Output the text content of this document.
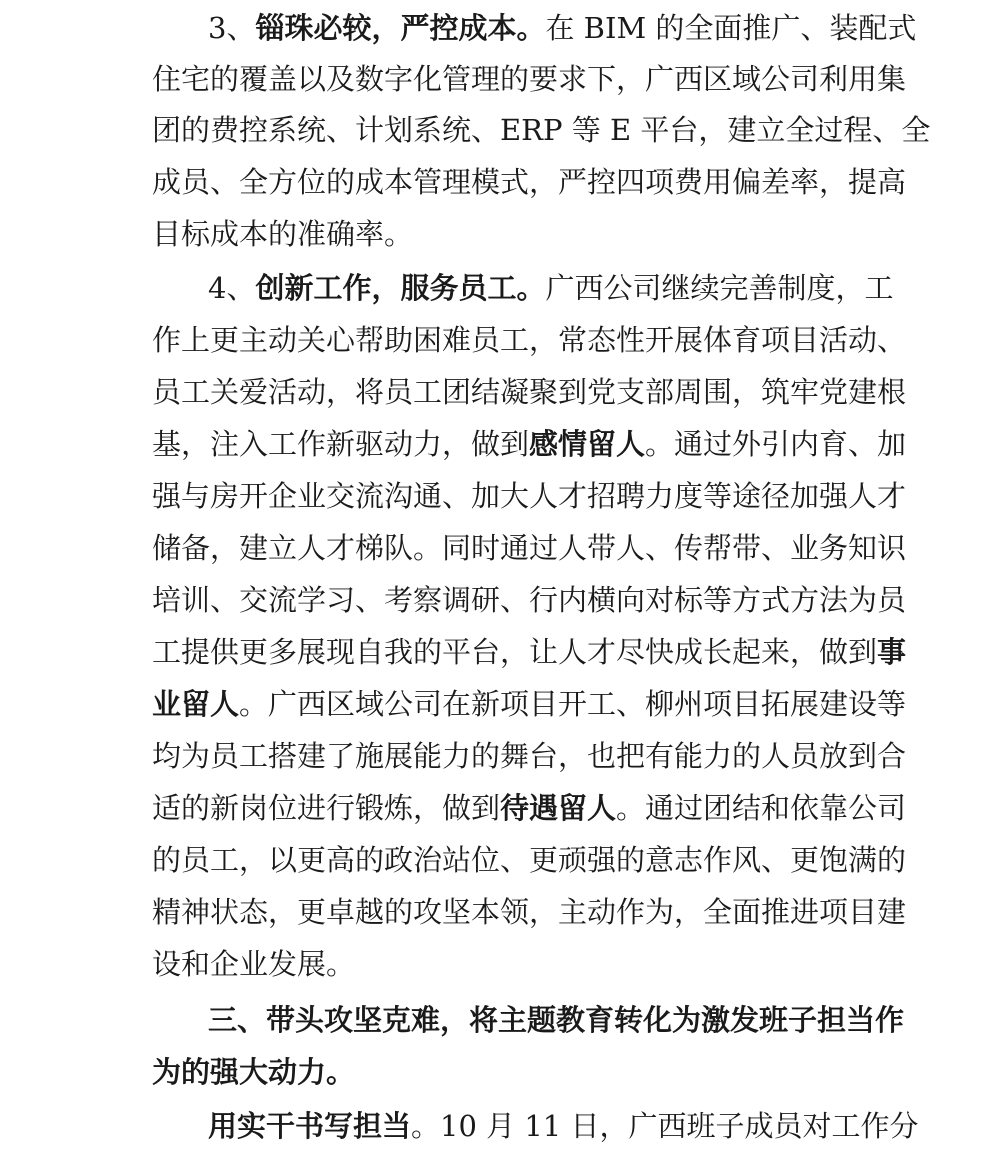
3、锱珠必较，严控成本。在 BIM 的全面推广、装配式
住宅的覆盖以及数字化管理的要求下，广西区域公司利用集
团的费控系统、计划系统、ERP 等 E 平台，建立全过程、全
成员、全方位的成本管理模式，严控四项费用偏差率，提高
目标成本的准确率。
4、创新工作，服务员工。广西公司继续完善制度，工
作上更主动关心帮助困难员工，常态性开展体育项目活动、
员工关爱活动，将员工团结凝聚到党支部周围，筑牢党建根
基，注入工作新驱动力，做到感情留人。通过外引内育、加
强与房开企业交流沟通、加大人才招聘力度等途径加强人才
储备，建立人才梯队。同时通过人带人、传帮带、业务知识
培训、交流学习、考察调研、行内横向对标等方式方法为员
工提供更多展现自我的平台，让人才尽快成长起来，做到事
业留人。广西区域公司在新项目开工、柳州项目拓展建设等
均为员工搭建了施展能力的舞台，也把有能力的人员放到合
适的新岗位进行锻炼，做到待遇留人。通过团结和依靠公司
的员工，以更高的政治站位、更顽强的意志作风、更饱满的
精神状态，更卓越的攻坚本领，主动作为，全面推进项目建
设和企业发展。
三、带头攻坚克难，将主题教育转化为激发班子担当作
为的强大动力。
用实干书写担当。10 月 11 日，广西班子成员对工作分
